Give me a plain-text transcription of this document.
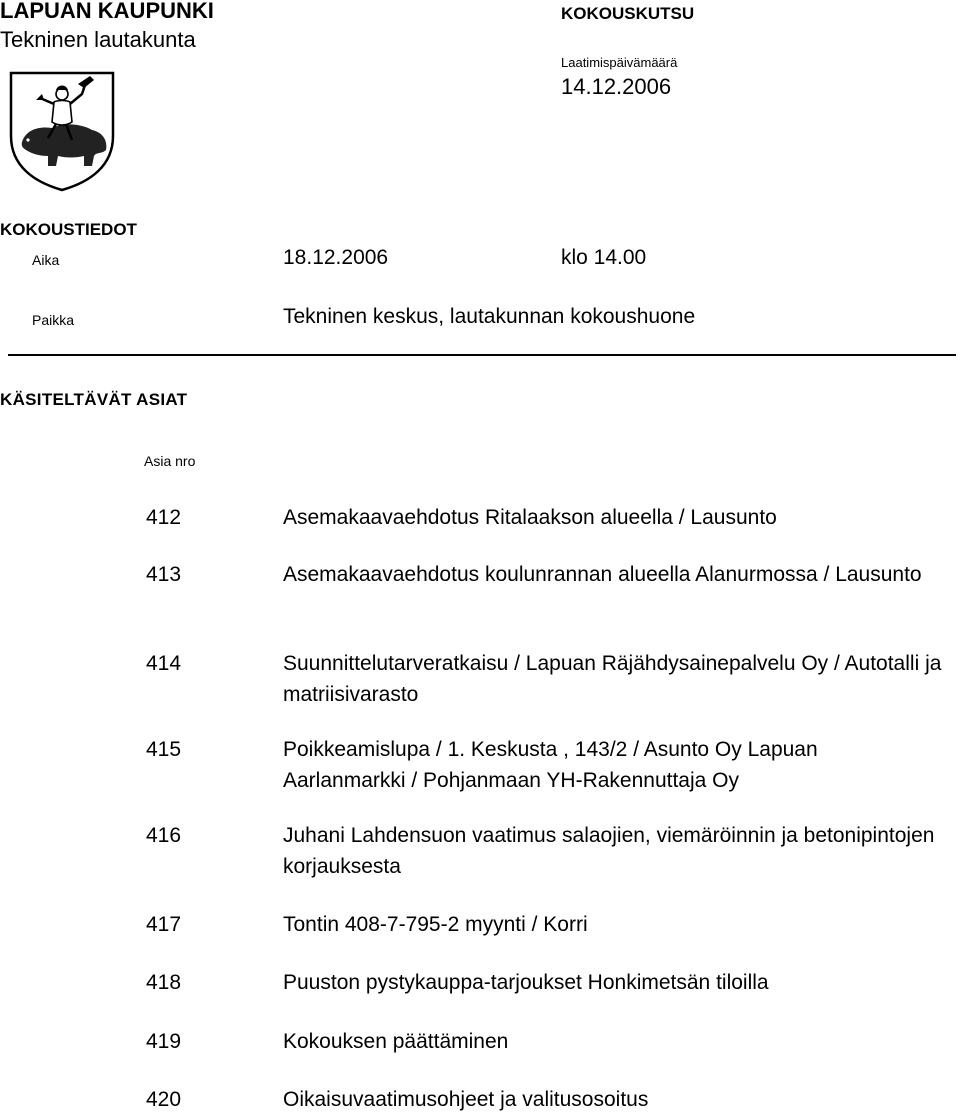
LAPUAN KAUPUNKI
Tekninen lautakunta
KOKOUSKUTSU
Laatimispäivämäärä
14.12.2006
KOKOUSTIEDOT
Aika	18.12.2006	klo 14.00
Paikka	Tekninen keskus, lautakunnan kokoushuone
KÄSITELTÄVÄT ASIAT
Asia nro
412	Asemakaavaehdotus Ritalaakson alueella / Lausunto
413	Asemakaavaehdotus koulunrannan alueella Alanurmossa / Lausunto
414	Suunnittelutarveratkaisu / Lapuan Räjähdysainepalvelu Oy / Autotalli ja matriisivarasto
415	Poikkeamislupa / 1. Keskusta , 143/2 / Asunto Oy Lapuan Aarlanmarkki / Pohjanmaan YH-Rakennuttaja Oy
416	Juhani Lahdensuon vaatimus salaojien, viemäröinnin ja betonipintojen korjauksesta
417	Tontin 408-7-795-2 myynti / Korri
418	Puuston pystykauppa-tarjoukset Honkimetsän tiloilla
419	Kokouksen päättäminen
420	Oikaisuvaatimusohjeet ja valitusosoitus
